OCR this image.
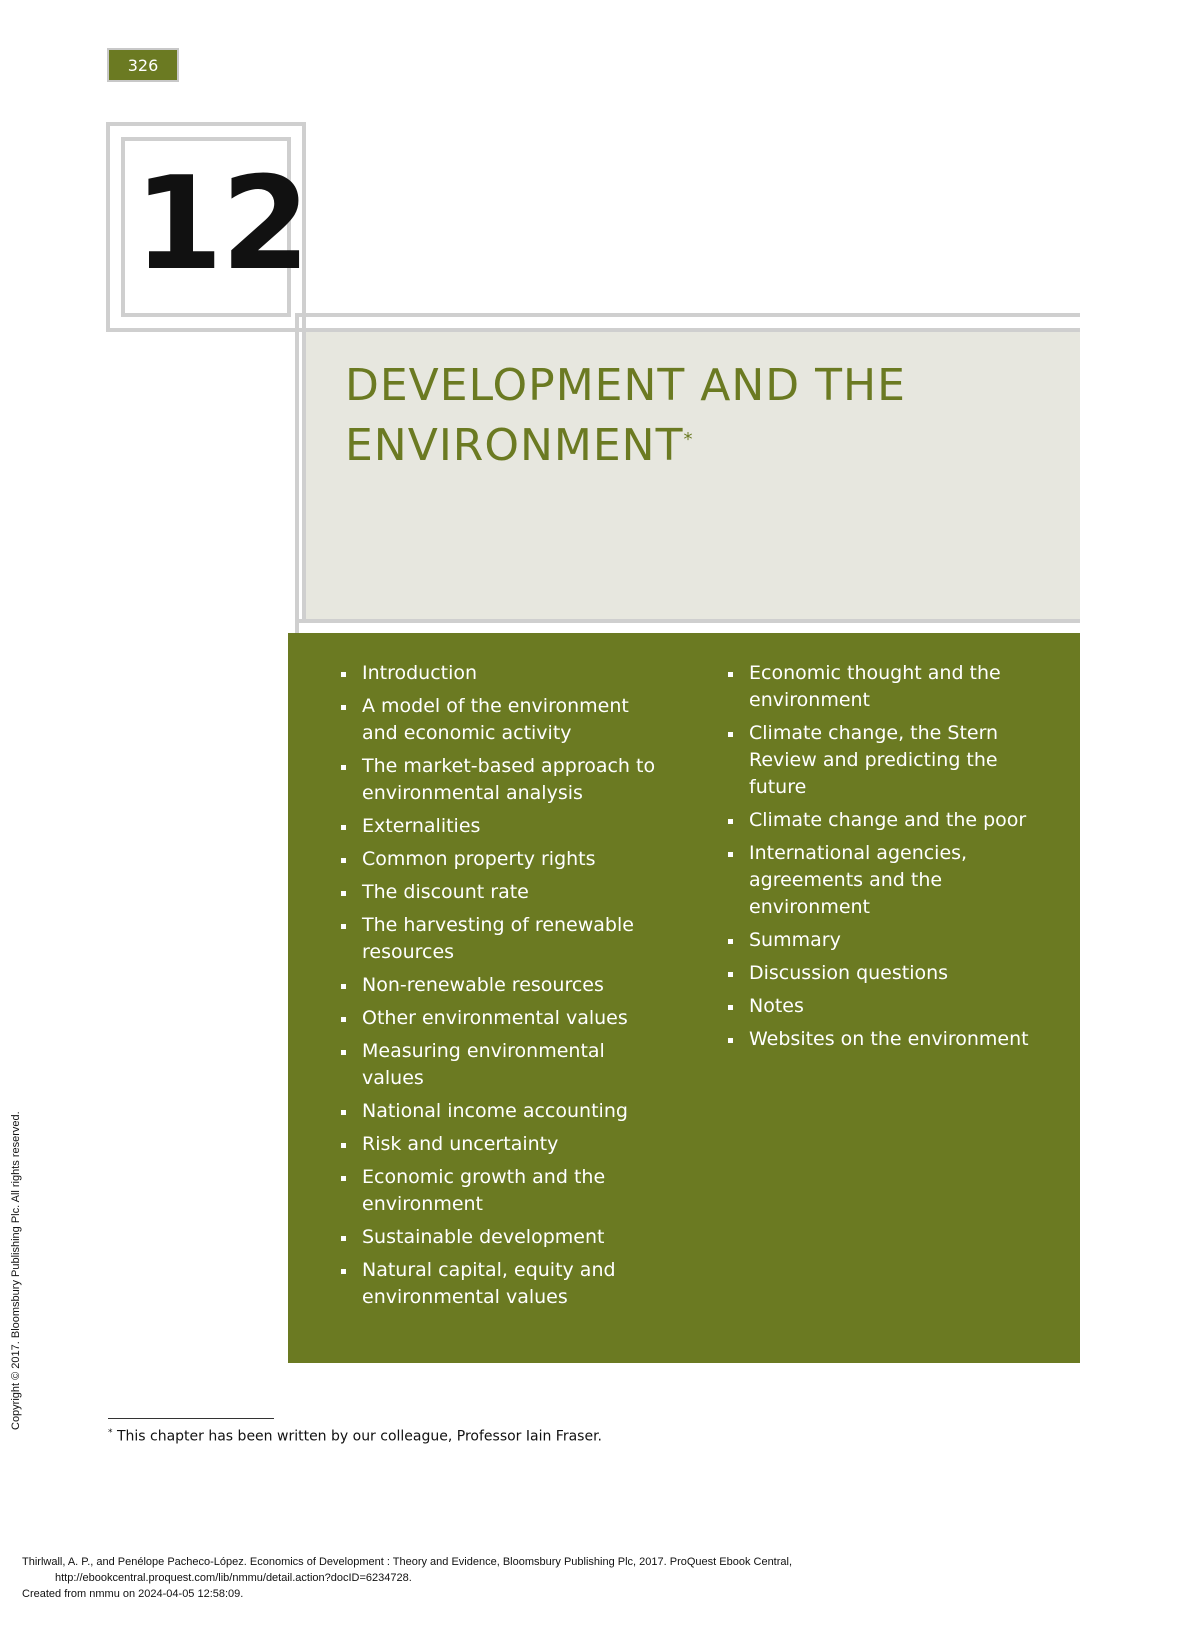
326
12
DEVELOPMENT AND THE
ENVIRONMENT*
Introduction
A model of the environment and economic activity
The market-based approach to environmental analysis
Externalities
Common property rights
The discount rate
The harvesting of renewable resources
Non-renewable resources
Other environmental values
Measuring environmental values
National income accounting
Risk and uncertainty
Economic growth and the environment
Sustainable development
Natural capital, equity and environmental values
Economic thought and the environment
Climate change, the Stern Review and predicting the future
Climate change and the poor
International agencies, agreements and the environment
Summary
Discussion questions
Notes
Websites on the environment
* This chapter has been written by our colleague, Professor Iain Fraser.
Copyright © 2017. Bloomsbury Publishing Plc. All rights reserved.
Thirlwall, A. P., and Penélope Pacheco-López. Economics of Development : Theory and Evidence, Bloomsbury Publishing Plc, 2017. ProQuest Ebook Central,
http://ebookcentral.proquest.com/lib/nmmu/detail.action?docID=6234728.
Created from nmmu on 2024-04-05 12:58:09.
